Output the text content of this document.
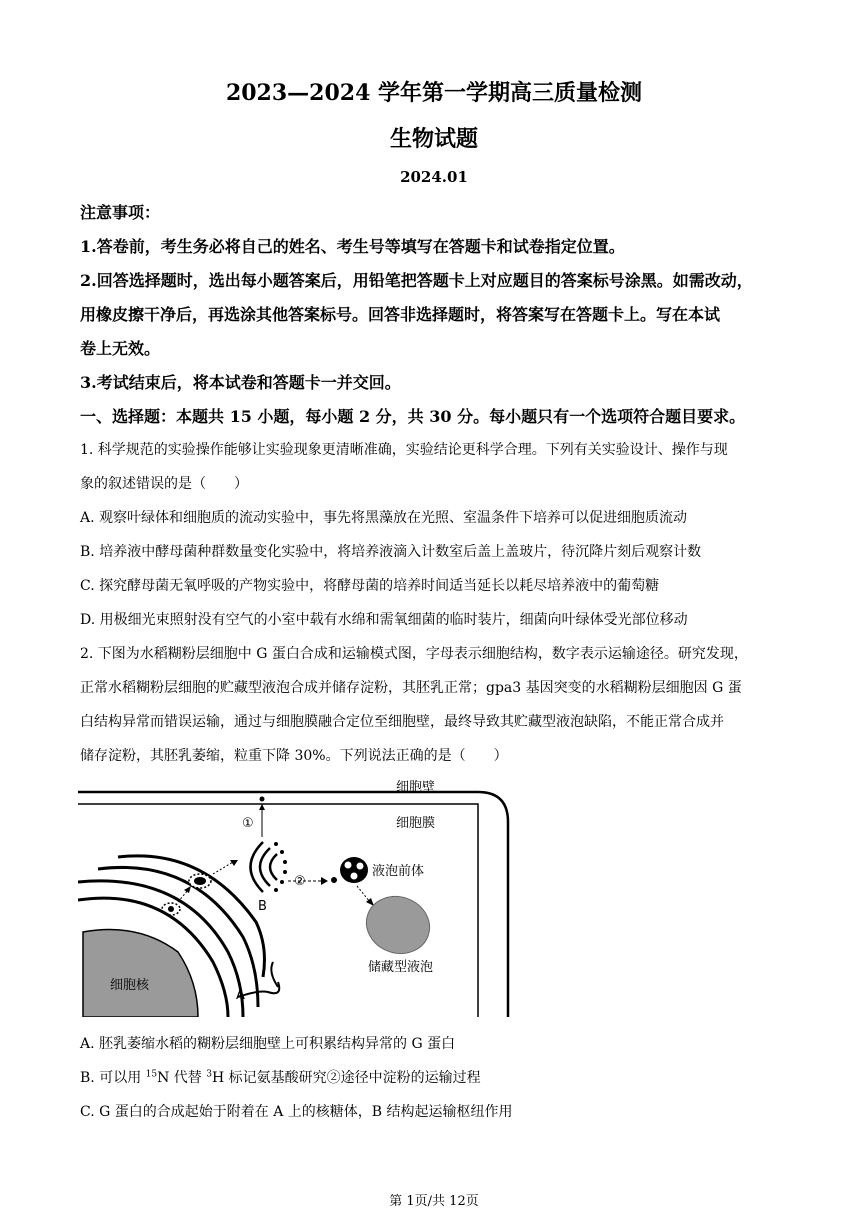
2023—2024 学年第一学期高三质量检测
生物试题
2024.01
注意事项：
1.答卷前，考生务必将自己的姓名、考生号等填写在答题卡和试卷指定位置。
2.回答选择题时，选出每小题答案后，用铅笔把答题卡上对应题目的答案标号涂黑。如需改动，
用橡皮擦干净后，再选涂其他答案标号。回答非选择题时，将答案写在答题卡上。写在本试
卷上无效。
3.考试结束后，将本试卷和答题卡一并交回。
一、选择题：本题共 15 小题，每小题 2 分，共 30 分。每小题只有一个选项符合题目要求。
1. 科学规范的实验操作能够让实验现象更清晰准确，实验结论更科学合理。下列有关实验设计、操作与现
象的叙述错误的是（　　）
A. 观察叶绿体和细胞质的流动实验中，事先将黑藻放在光照、室温条件下培养可以促进细胞质流动
B. 培养液中酵母菌种群数量变化实验中，将培养液滴入计数室后盖上盖玻片，待沉降片刻后观察计数
C. 探究酵母菌无氧呼吸的产物实验中，将酵母菌的培养时间适当延长以耗尽培养液中的葡萄糖
D. 用极细光束照射没有空气的小室中载有水绵和需氧细菌的临时装片，细菌向叶绿体受光部位移动
2. 下图为水稻糊粉层细胞中 G 蛋白合成和运输模式图，字母表示细胞结构，数字表示运输途径。研究发现，
正常水稻糊粉层细胞的贮藏型液泡合成并储存淀粉，其胚乳正常；gpa3 基因突变的水稻糊粉层细胞因 G 蛋
白结构异常而错误运输，通过与细胞膜融合定位至细胞壁，最终导致其贮藏型液泡缺陷，不能正常合成并
储存淀粉，其胚乳萎缩，粒重下降 30%。下列说法正确的是（　　）
细胞壁
细胞膜
①
②
B
液泡前体
储藏型液泡
细胞核
A
A. 胚乳萎缩水稻的糊粉层细胞壁上可积累结构异常的 G 蛋白
B. 可以用 $^{15}$N 代替 $^3$H 标记氨基酸研究②途径中淀粉的运输过程
C. G 蛋白的合成起始于附着在 A 上的核糖体，B 结构起运输枢纽作用
第 1页/共 12页
